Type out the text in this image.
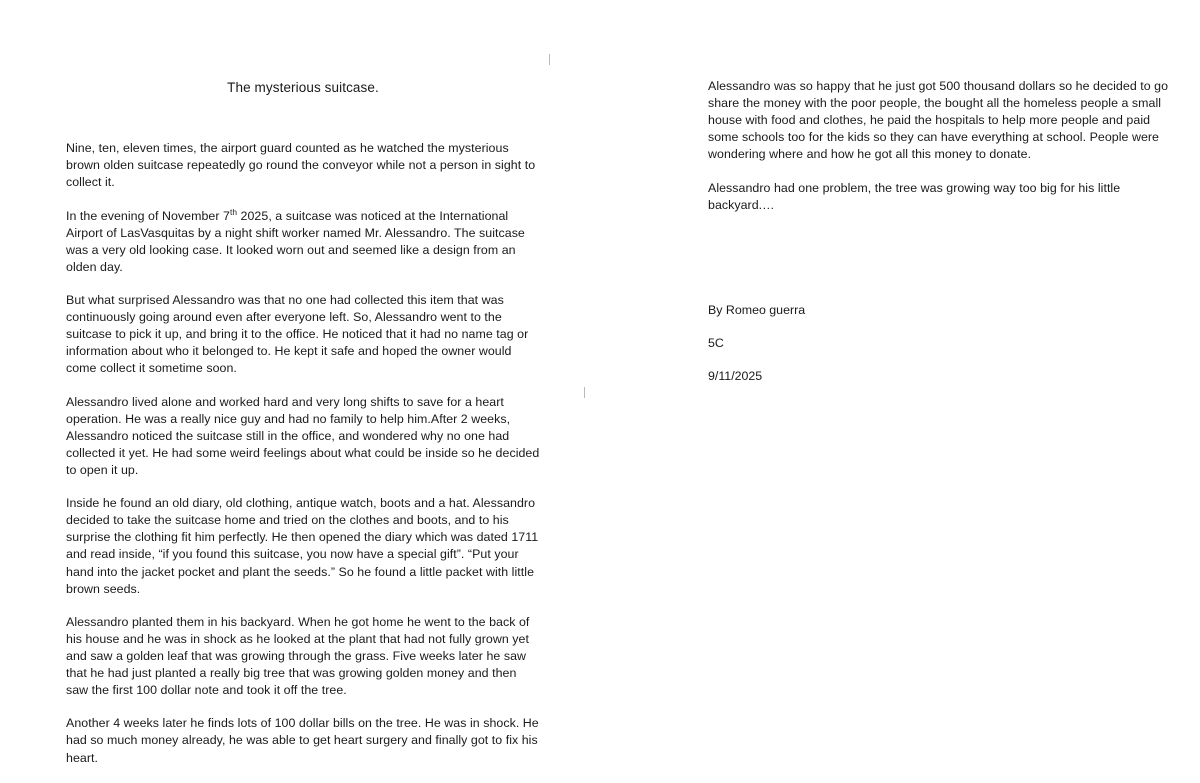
The mysterious suitcase.

Nine, ten, eleven times, the airport guard counted as he watched the mysterious brown olden suitcase repeatedly go round the conveyor while not a person in sight to collect it.

In the evening of November 7th 2025, a suitcase was noticed at the International Airport of LasVasquitas by a night shift worker named Mr. Alessandro. The suitcase was a very old looking case. It looked worn out and seemed like a design from an olden day.

But what surprised Alessandro was that no one had collected this item that was continuously going around even after everyone left. So, Alessandro went to the suitcase to pick it up, and bring it to the office. He noticed that it had no name tag or information about who it belonged to. He kept it safe and hoped the owner would come collect it sometime soon.

Alessandro lived alone and worked hard and very long shifts to save for a heart operation. He was a really nice guy and had no family to help him.After 2 weeks, Alessandro noticed the suitcase still in the office, and wondered why no one had collected it yet. He had some weird feelings about what could be inside so he decided to open it up.

Inside he found an old diary, old clothing, antique watch, boots and a hat. Alessandro decided to take the suitcase home and tried on the clothes and boots, and to his surprise the clothing fit him perfectly. He then opened the diary which was dated 1711 and read inside, “if you found this suitcase, you now have a special gift”. “Put your hand into the jacket pocket and plant the seeds.” So he found a little packet with little brown seeds.

Alessandro planted them in his backyard. When he got home he went to the back of his house and he was in shock as he looked at the plant that had not fully grown yet and saw a golden leaf that was growing through the grass. Five weeks later he saw that he had just planted a really big tree that was growing golden money and then saw the first 100 dollar note and took it off the tree.

Another 4 weeks later he finds lots of 100 dollar bills on the tree. He was in shock. He had so much money already, he was able to get heart surgery and finally got to fix his heart.

Alessandro was so happy that he just got 500 thousand dollars so he decided to go share the money with the poor people, the bought all the homeless people a small house with food and clothes, he paid the hospitals to help more people and paid some schools too for the kids so they can have everything at school. People were wondering where and how he got all this money to donate.

Alessandro had one problem, the tree was growing way too big for his little backyard.…

By Romeo guerra
5C
9/11/2025
